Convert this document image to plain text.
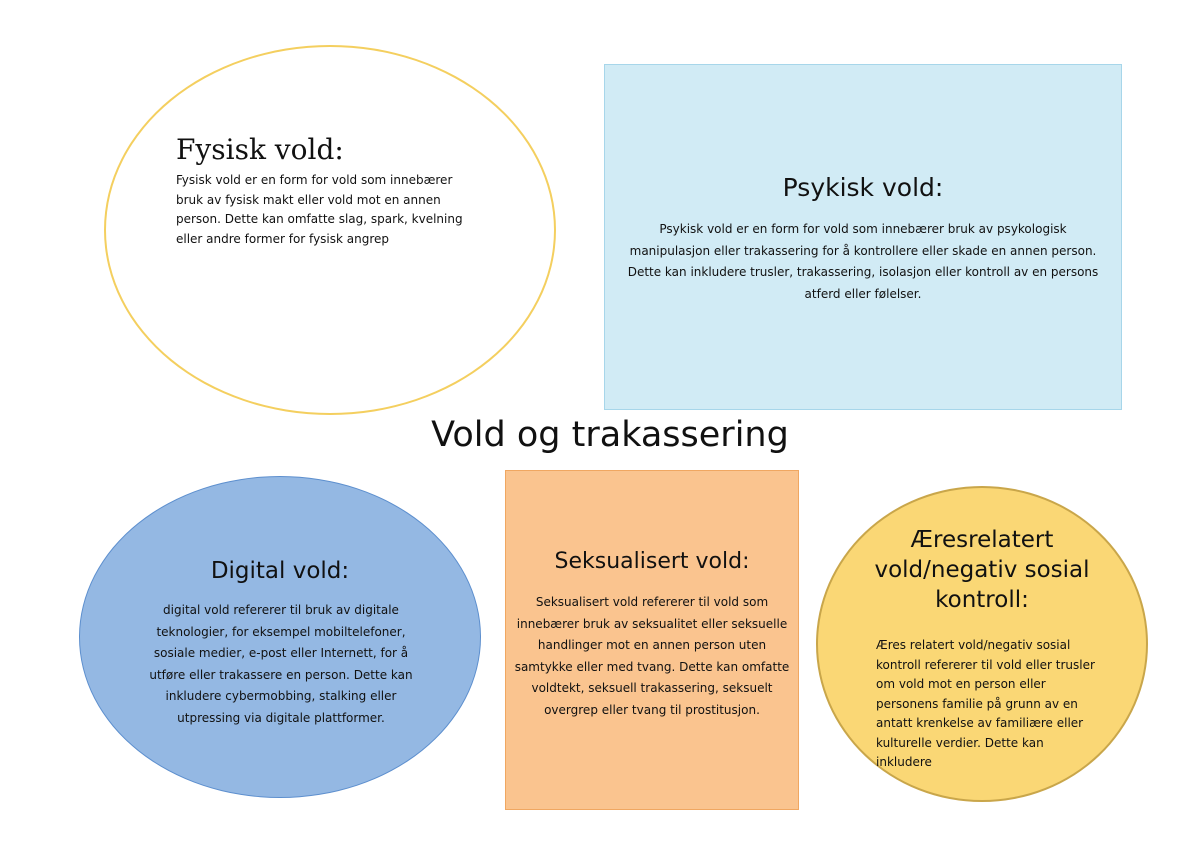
Fysisk vold:
Fysisk vold er en form for vold som innebærer bruk av fysisk makt eller vold mot en annen person. Dette kan omfatte slag, spark, kvelning eller andre former for fysisk angrep
Psykisk vold:
Psykisk vold er en form for vold som innebærer bruk av psykologisk manipulasjon eller trakassering for å kontrollere eller skade en annen person. Dette kan inkludere trusler, trakassering, isolasjon eller kontroll av en persons atferd eller følelser.
Vold og trakassering
Digital vold:
digital vold refererer til bruk av digitale teknologier, for eksempel mobiltelefoner, sosiale medier, e-post eller Internett, for å utføre eller trakassere en person. Dette kan inkludere cybermobbing, stalking eller utpressing via digitale plattformer.
Seksualisert vold:
Seksualisert vold refererer til vold som innebærer bruk av seksualitet eller seksuelle handlinger mot en annen person uten samtykke eller med tvang. Dette kan omfatte voldtekt, seksuell trakassering, seksuelt overgrep eller tvang til prostitusjon.
Æresrelatert vold/negativ sosial kontroll:
Æres relatert vold/negativ sosial kontroll refererer til vold eller trusler om vold mot en person eller personens familie på grunn av en antatt krenkelse av familiære eller kulturelle verdier. Dette kan inkludere
